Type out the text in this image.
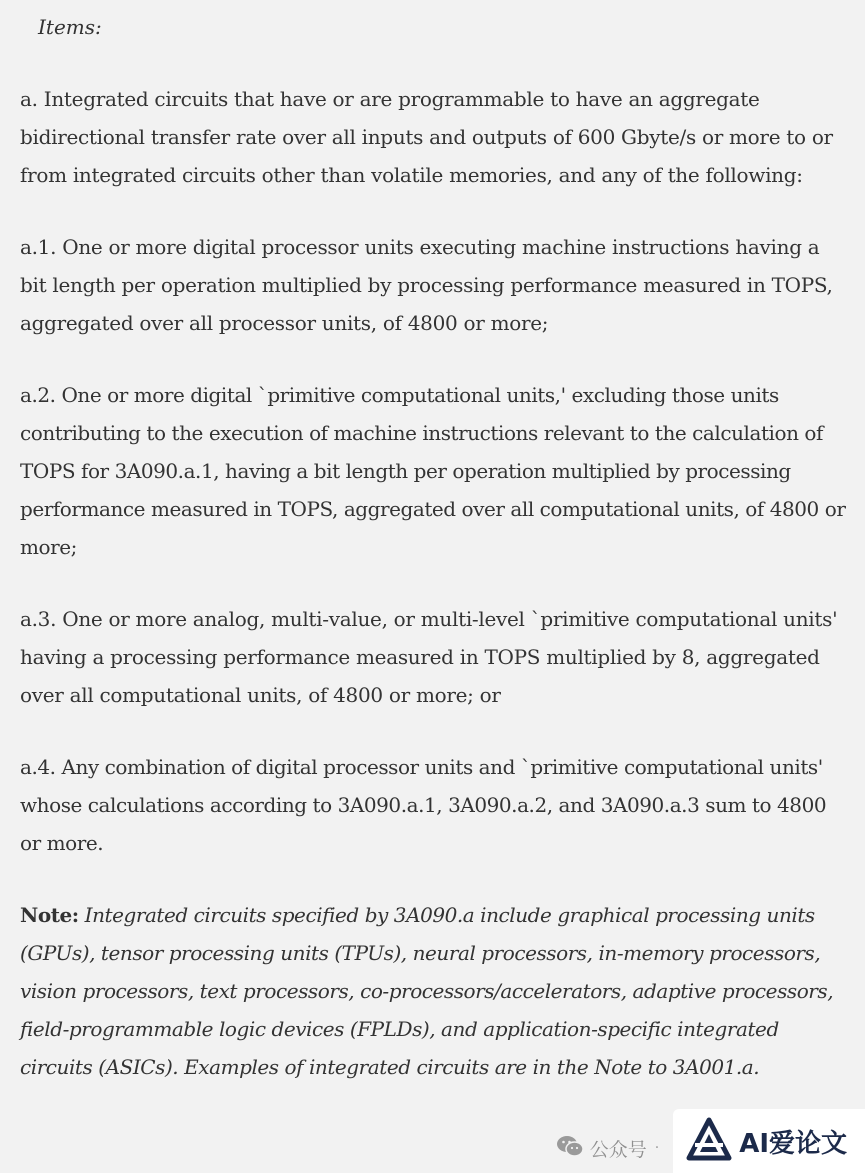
Items:

a. Integrated circuits that have or are programmable to have an aggregate bidirectional transfer rate over all inputs and outputs of 600 Gbyte/s or more to or from integrated circuits other than volatile memories, and any of the following:

a.1. One or more digital processor units executing machine instructions having a bit length per operation multiplied by processing performance measured in TOPS, aggregated over all processor units, of 4800 or more;

a.2. One or more digital `primitive computational units,' excluding those units contributing to the execution of machine instructions relevant to the calculation of TOPS for 3A090.a.1, having a bit length per operation multiplied by processing performance measured in TOPS, aggregated over all computational units, of 4800 or more;

a.3. One or more analog, multi-value, or multi-level `primitive computational units' having a processing performance measured in TOPS multiplied by 8, aggregated over all computational units, of 4800 or more; or

a.4. Any combination of digital processor units and `primitive computational units' whose calculations according to 3A090.a.1, 3A090.a.2, and 3A090.a.3 sum to 4800 or more.

Note: Integrated circuits specified by 3A090.a include graphical processing units (GPUs), tensor processing units (TPUs), neural processors, in-memory processors, vision processors, text processors, co-processors/accelerators, adaptive processors, field-programmable logic devices (FPLDs), and application-specific integrated circuits (ASICs). Examples of integrated circuits are in the Note to 3A001.a.

公众号 ·	AI爱论文
